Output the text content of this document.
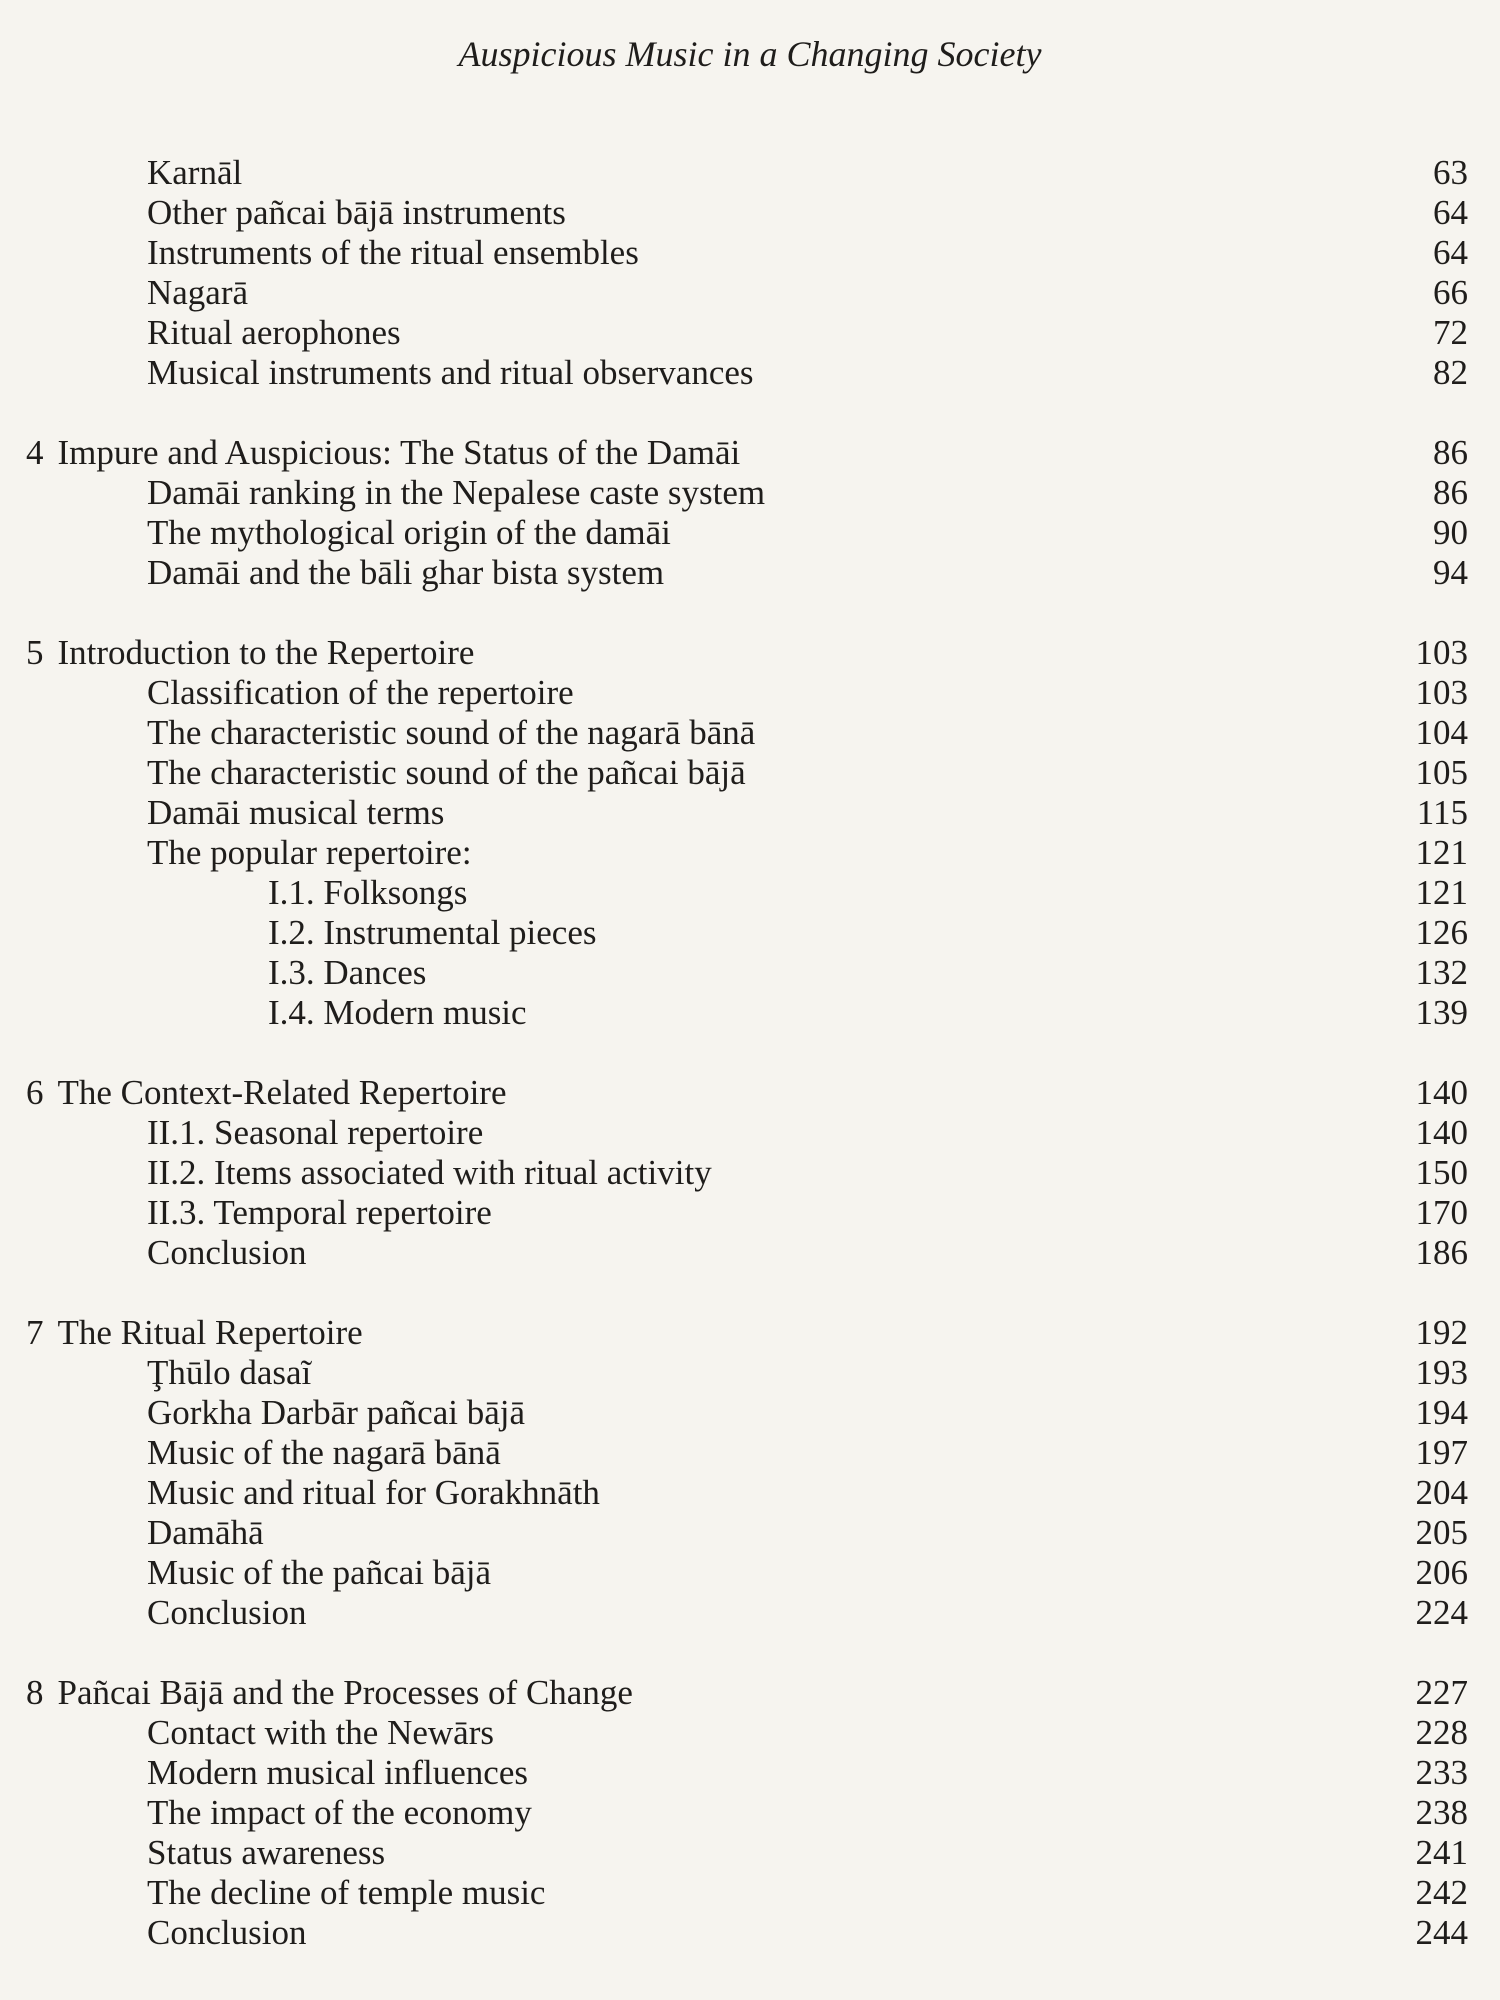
Auspicious Music in a Changing Society
Karnāl	63
Other pañcai bājā instruments	64
Instruments of the ritual ensembles	64
Nagarā	66
Ritual aerophones	72
Musical instruments and ritual observances	82
4 Impure and Auspicious: The Status of the Damāi	86
Damāi ranking in the Nepalese caste system	86
The mythological origin of the damāi	90
Damāi and the bāli ghar bista system	94
5 Introduction to the Repertoire	103
Classification of the repertoire	103
The characteristic sound of the nagarā bānā	104
The characteristic sound of the pañcai bājā	105
Damāi musical terms	115
The popular repertoire:	121
I.1. Folksongs	121
I.2. Instrumental pieces	126
I.3. Dances	132
I.4. Modern music	139
6 The Context-Related Repertoire	140
II.1. Seasonal repertoire	140
II.2. Items associated with ritual activity	150
II.3. Temporal repertoire	170
Conclusion	186
7 The Ritual Repertoire	192
Ţhūlo dasaĩ	193
Gorkha Darbār pañcai bājā	194
Music of the nagarā bānā	197
Music and ritual for Gorakhnāth	204
Damāhā	205
Music of the pañcai bājā	206
Conclusion	224
8 Pañcai Bājā and the Processes of Change	227
Contact with the Newārs	228
Modern musical influences	233
The impact of the economy	238
Status awareness	241
The decline of temple music	242
Conclusion	244
